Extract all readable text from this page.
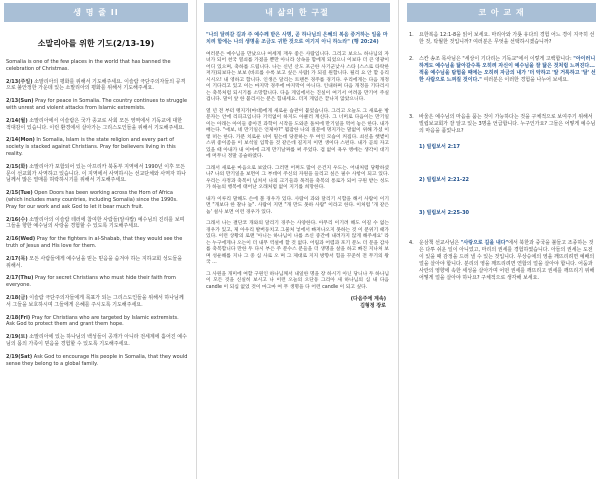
생 명 줄 II
소말리아를 위한 기도(2/13-19)
Somalia is one of the few places in the world that has banned the celebration of Christmas.
2/13(주일) 소말리아의 평화를 위해서 기도해주세요. 이슬람 극단주의자들의 공격으로 불안정한 가운데 있는 소말리아의 평화를 위해서 기도해주세요.
2/13(Sun) Pray for peace in Somalia. The country continues to struggle with unrest and violent attacks from Islamic extremists.
2/14(월) 소말리아에서 이슬람은 국가 종교로 사회 모든 영역에서 기독교에 대한 적대감이 있습니다. 이런 환경에서 살아가는 그리스도인들을 위해서 기도해주세요.
2/14(Mon) In Somalia, Islam is the state religion and every part of society is stacked against Christians. Pray for believers living in this reality.
2/15(화) 소말리아가 포함되어 있는 아프리카 북동부 지역에서 1990년 이후 모든 문이 선교회가 사역하고 있습니다. 이 지역에서 사역하시는 선교단체와 사역자 하나님께서 많은 열매를 허락하시기를 위해서 기도해주세요.
2/15(Tue) Open Doors has been working across the Horn of Africa (which includes many countries, including Somalia) since the 1990s. Pray for our work and ask God to let it bear much fruit.
2/16(수) 소말리아의 이슬람 테러에 참여한 사람들(알샤밥) 예수님의 진리를 보며 그들을 향한 예수님의 사랑을 경험할 수 있도록 기도해주세요.
2/16(Wed) Pray for the fighters in al-Shabab, that they would see the truth of Jesus and His love for them.
2/17(목) 모든 사람들에게 예수님을 믿는 믿음을 숨겨야 하는 지하교회 성도들을 위해서.
2/17(Thu) Pray for secret Christians who must hide their faith from everyone.
2/18(금) 이슬람 극단주의자들에게 목표가 되는 그리스도인들을 위해서 하나님께서 그들을 보호하시며 그들에게 은혜를 주시도록 기도해주세요.
2/18(Fri) Pray for Christians who are targeted by Islamic extremists. Ask God to protect them and grant them hope.
2/19(토) 소말리아에 있는 하나님의 백성들이 공개가 아니라 전세계에 흩어진 예수님의 몸의 가족이 믿음을 경험할 수 있도록 기도해주세요.
2/19(Sat) Ask God to encourage His people in Somalia, that they would sense they belong to a global family.
내 삶의 한 구절
"나의 달려갈 길과 주 예수께 받은 사명, 곧 하나님의 은혜의 복음 증거하는 일을 마치려 함에는 나의 생명을 조금도 귀한 것으로 여기지 아니 하노라" (행 20:24)
여러분은 예수님을 만났으나 여세게 재우 좋은 사람입니다. 그리고 보으느 하나님의 자녀가 되어 천국 열쇠를 가졌을 뿐만 아니라 상속을 함에게 되었으니 이보다 더 큰 영광이 어디 있으며, 축하를 드립니다. 나는 신년 산도 포근한 사기군낮사 스타 (스스로 타락한 저가)되보다는 보보 (바르를 수록 보고 싶은 사람) 가 되길 원합니다. 될리 요 안 할 응리시시오! 내 영하고 합니다. 인생은 달리는 트랜튼 경주를 경기다. 우리에게는 다음 개정이 기다리고 있고 이는 마지막 경주에 마지막이 아니다. 인내하며 다음 개정을 기다리시는 축복처럼 되시기를 소망합니다. 다음 게임에서는 진실이 여기서 어려움 만기어 주실 겁니다. 말이 앞 한 불리시는 분은 힘내세요. 더지 게임은 끝나지 않았으니다.
열 년 전 부터 맹지가(마대)에게 새로운 습관이 붙었습니다. 그리고 오늘도 그 새로운 방문자는 안에 리피크입니다 기억없이 하지도 아클러 계신다. 그 너머로 다음이는 만기일이는 아래는 아이들 좋아진 과학이 시작을 도와준 돌씨에 만기일을 먹어 놓은 한다. 내가 배는다. "애보, 네 만기일은 언제야?" 뭘잠한 나의 질문에 멍지가는 말없이 위해 가셨 이렇 떠는 한다. 가분 치로운 녀이 밀는데 당분하는 두 여인 모습이 커집다. 쇠신을 햇볕이 스퀴 좋이좀을 이 보석일 입학을 것 같은데 길지지 이면 생이다 스펀다. 내가 곧의 자고 있을 때 아내가 내 이마에 크게 만기날짜를 써 주었다. 겁 없이 욕우 앵에는 생각이 대기에 머무니 정말 공슬하였다.
그래서 새로운 마음으로 보았다. 그러면 어쩌도 많이 온건지 우도는. 어내처럼 당황하셨나? 나의 만기일을 보면이 그 부데이 주신의 자원을 들리고 싶은 필수 사항이 되고 있다. 우리는 사정과 축복이 넘쳐서 나의 크기들과 목적을 축복의 통로가 되어 구원 받는 성도가 하늘의 행복에 태어난 오래처럼 없이 지기를 희망한다.
내가 이루리 말해도 손에 볼 경우가 있다. 사람이 과와 달리기 시합을 해서 사람이 이기면 "개보다 한 찰나 높". 사람이 지면 "개 만도 못하 사람" 이라고 한다. 이처럼 '개 같은 놈' 설사 보면 이런 경우가 있다.
그래서 나는 결단코 개와의 달리기 경주는 사양한다. 아무리 이기려 해도 이길 수 없는 경우가 있고, 제 아우리 발버둥치고 그물처 넣에서 빠져나오지 못하는 것 이 분위기 때가 있다. 이런 상황의 로맨 '아니는 하나님이 나를 쓰신 중간에 내려가지 않게 해주세요' 라는 누구에게나 오는이 더 내무 역설에 할 것 없다. 어림과 어렵과 포기 분노 더 문을 감사를 축복합니다 만한 두 다시 부은 주 분수스 분들을 더 생명을 살을 하고 빠진 지나처 보며 성운해를 지나 그 중 심 사로 오 며 그 제대로 지지 방향서 힘을 꾸준히 전 무기의 왕국 ...
그 사원을 개미에 여할 구원인 하나님께서 내일한 명을 장 하시기 아닌 당니나 두 하나님이 모든 것을 신실히 보시고 나 이런 오늘의 오단동 그리아 새 하나님의 심 내 다음 candle 이 되십 없었 것이 마그마 여 무 생명을 다 어런 candle 이 되고 싶다.
(다음주에 계속)
김형정 장로
코 아 교 재
1. 요한복음 12:1-8을 읽어 보세요. 마리아와 가룟 유다의 경험 어느 경이 지극히 선한 것, 탁월한 것입니까? 여러분은 무엇을 선택하시겠습니까?
2. 스칸 송조 목사님은 "세상이 기다리는 기독교"에서 이렇게 고백합니다: "아이러니하게도 예수님을 닮아갈수록 오히려 자신이 예수님을 잘 닮은 것처럼 느껴진다...적을 예수님을 탐험을 때에는 오히려 자금의 내가 '더 악하고 '알 거룩하고 '달' 선한 사람으로 느껴질 것이다." 여러분은 이러한 경험을 나누어 보세요.
3. 바울은 예수님의 마음을 품는 것이 가능하다는 것을 구체적으로 보여주기 위해서 빌립보교회가 잘 알고 있는 3명을 언급합니다. 누구인가요? 그들은 어떻게 예수님의 마음을 품었나요?
1) 빌립보서 2:17
2) 빌립보서 2:21-22
3) 빌립보서 2:25-30
4. 운삼책 선교사님은 "사랑으로 길을 내다"에서 북한과 중국을 불들고 조종하는 것은 다투 쉬운 일이 아니었고, 마리의 권세를 경험하였습니다. 아들의 권세는 도전이 있을 때 감정을 드러 낼 수 있는 것입니다. 무상승에의 영을 깨뜨리려면 예배의 얼을 살아야 합니다. 분리의 영을 깨뜨리려면 연합의 얼을 살아야 합니다. 어둠과 사란의 영향에 속한 세성을 살아가며 어떤 권세를 깨뜨리고 권세를 깨뜨리기 위해 어떻게 얼을 살아야 하나요? 구체적으로 생각해 보세요.
